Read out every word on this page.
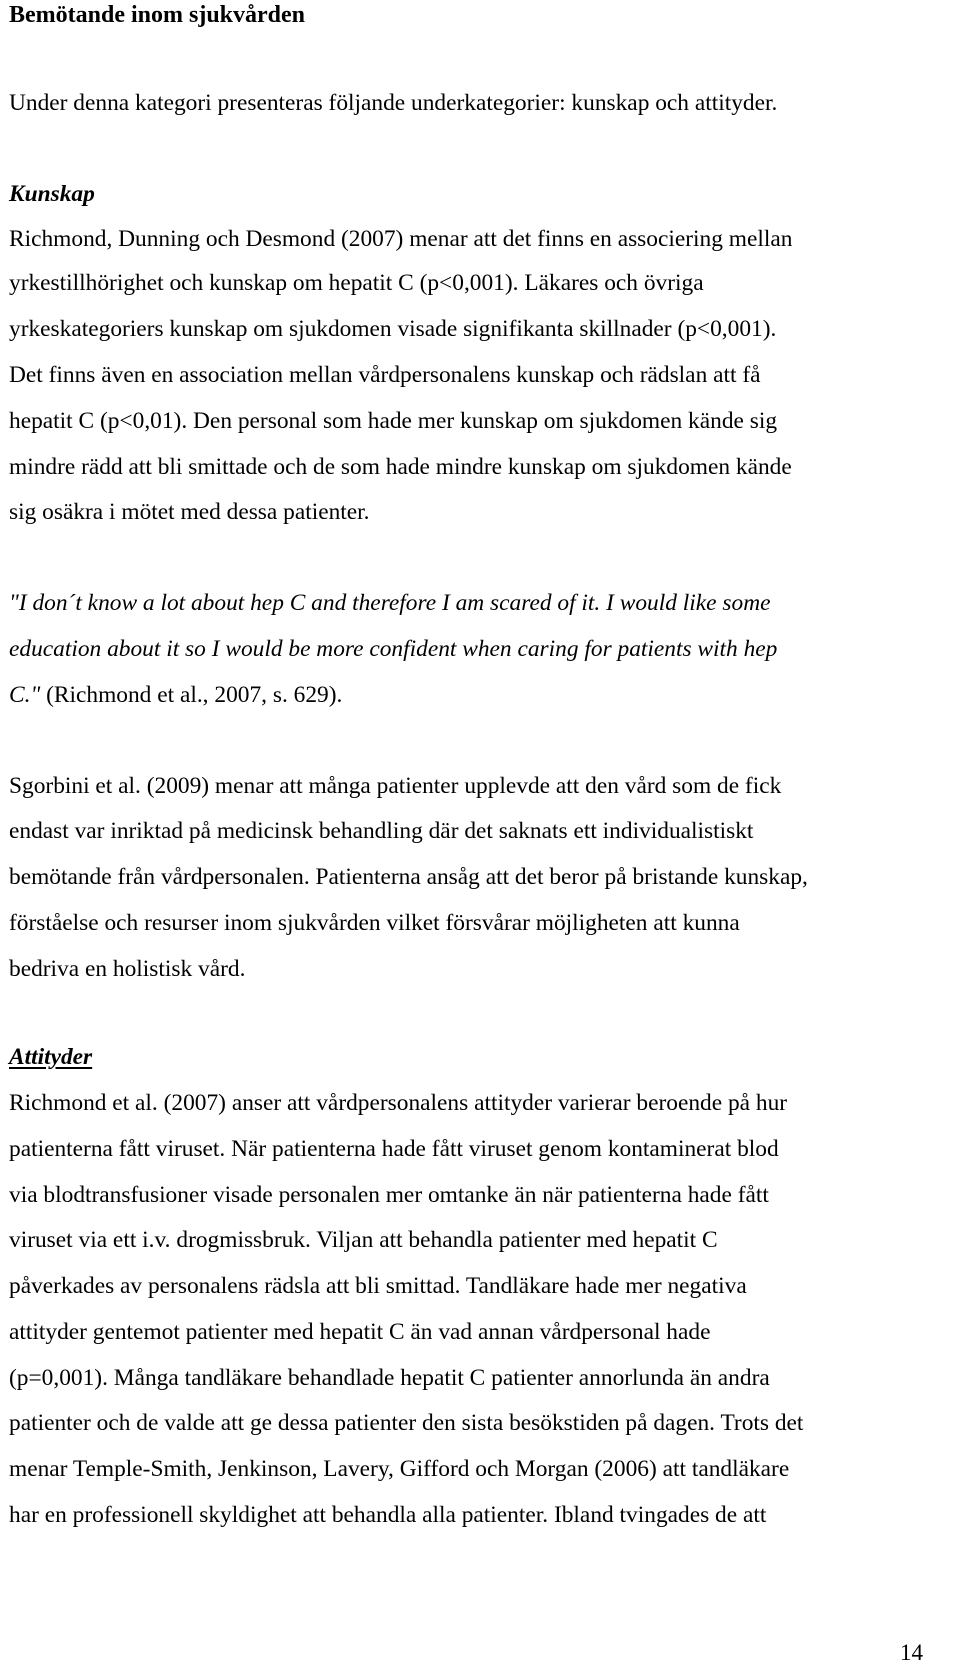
Bemötande inom sjukvården

Under denna kategori presenteras följande underkategorier: kunskap och attityder.

Kunskap

Richmond, Dunning och Desmond (2007) menar att det finns en associering mellan

yrkestillhörighet och kunskap om hepatit C (p<0,001). Läkares och övriga

yrkeskategoriers kunskap om sjukdomen visade signifikanta skillnader (p<0,001).

Det finns även en association mellan vårdpersonalens kunskap och rädslan att få

hepatit C (p<0,01). Den personal som hade mer kunskap om sjukdomen kände sig

mindre rädd att bli smittade och de som hade mindre kunskap om sjukdomen kände

sig osäkra i mötet med dessa patienter.

"I don´t know a lot about hep C and therefore I am scared of it. I would like some

education about it so I would be more confident when caring for patients with hep

C." (Richmond et al., 2007, s. 629).

Sgorbini et al. (2009) menar att många patienter upplevde att den vård som de fick

endast var inriktad på medicinsk behandling där det saknats ett individualistiskt

bemötande från vårdpersonalen. Patienterna ansåg att det beror på bristande kunskap,

förståelse och resurser inom sjukvården vilket försvårar möjligheten att kunna

bedriva en holistisk vård.

Attityder

Richmond et al. (2007) anser att vårdpersonalens attityder varierar beroende på hur

patienterna fått viruset. När patienterna hade fått viruset genom kontaminerat blod

via blodtransfusioner visade personalen mer omtanke än när patienterna hade fått

viruset via ett i.v. drogmissbruk. Viljan att behandla patienter med hepatit C

påverkades av personalens rädsla att bli smittad. Tandläkare hade mer negativa

attityder gentemot patienter med hepatit C än vad annan vårdpersonal hade

(p=0,001). Många tandläkare behandlade hepatit C patienter annorlunda än andra

patienter och de valde att ge dessa patienter den sista besökstiden på dagen. Trots det

menar Temple-Smith, Jenkinson, Lavery, Gifford och Morgan (2006) att tandläkare

har en professionell skyldighet att behandla alla patienter. Ibland tvingades de att

14
